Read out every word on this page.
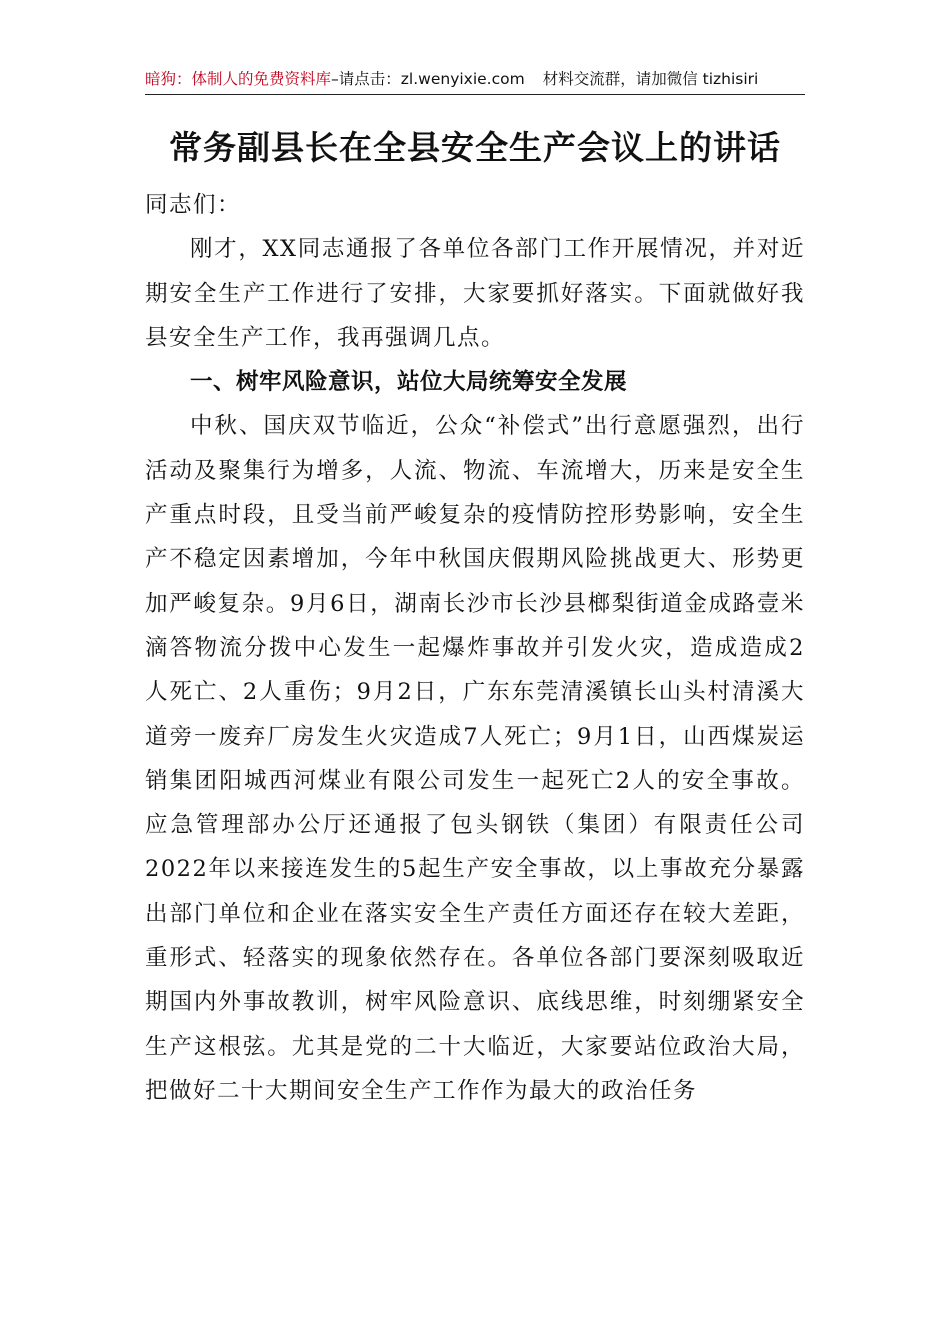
暗狗：体制人的免费资料库–请点击：zl.wenyixie.com 材料交流群，请加微信 tizhisiri
常务副县长在全县安全生产会议上的讲话

同志们：

刚才，XX同志通报了各单位各部门工作开展情况，并对近期安全生产工作进行了安排，大家要抓好落实。下面就做好我县安全生产工作，我再强调几点。

一、树牢风险意识，站位大局统筹安全发展

中秋、国庆双节临近，公众“补偿式”出行意愿强烈，出行活动及聚集行为增多，人流、物流、车流增大，历来是安全生产重点时段，且受当前严峻复杂的疫情防控形势影响，安全生产不稳定因素增加，今年中秋国庆假期风险挑战更大、形势更加严峻复杂。9月6日，湖南长沙市长沙县榔梨街道金成路壹米滴答物流分拨中心发生一起爆炸事故并引发火灾，造成造成2人死亡、2人重伤；9月2日，广东东莞清溪镇长山头村清溪大道旁一废弃厂房发生火灾造成7人死亡；9月1日，山西煤炭运销集团阳城西河煤业有限公司发生一起死亡2人的安全事故。应急管理部办公厅还通报了包头钢铁（集团）有限责任公司2022年以来接连发生的5起生产安全事故，以上事故充分暴露出部门单位和企业在落实安全生产责任方面还存在较大差距，重形式、轻落实的现象依然存在。各单位各部门要深刻吸取近期国内外事故教训，树牢风险意识、底线思维，时刻绷紧安全生产这根弦。尤其是党的二十大临近，大家要站位政治大局，把做好二十大期间安全生产工作作为最大的政治任务
